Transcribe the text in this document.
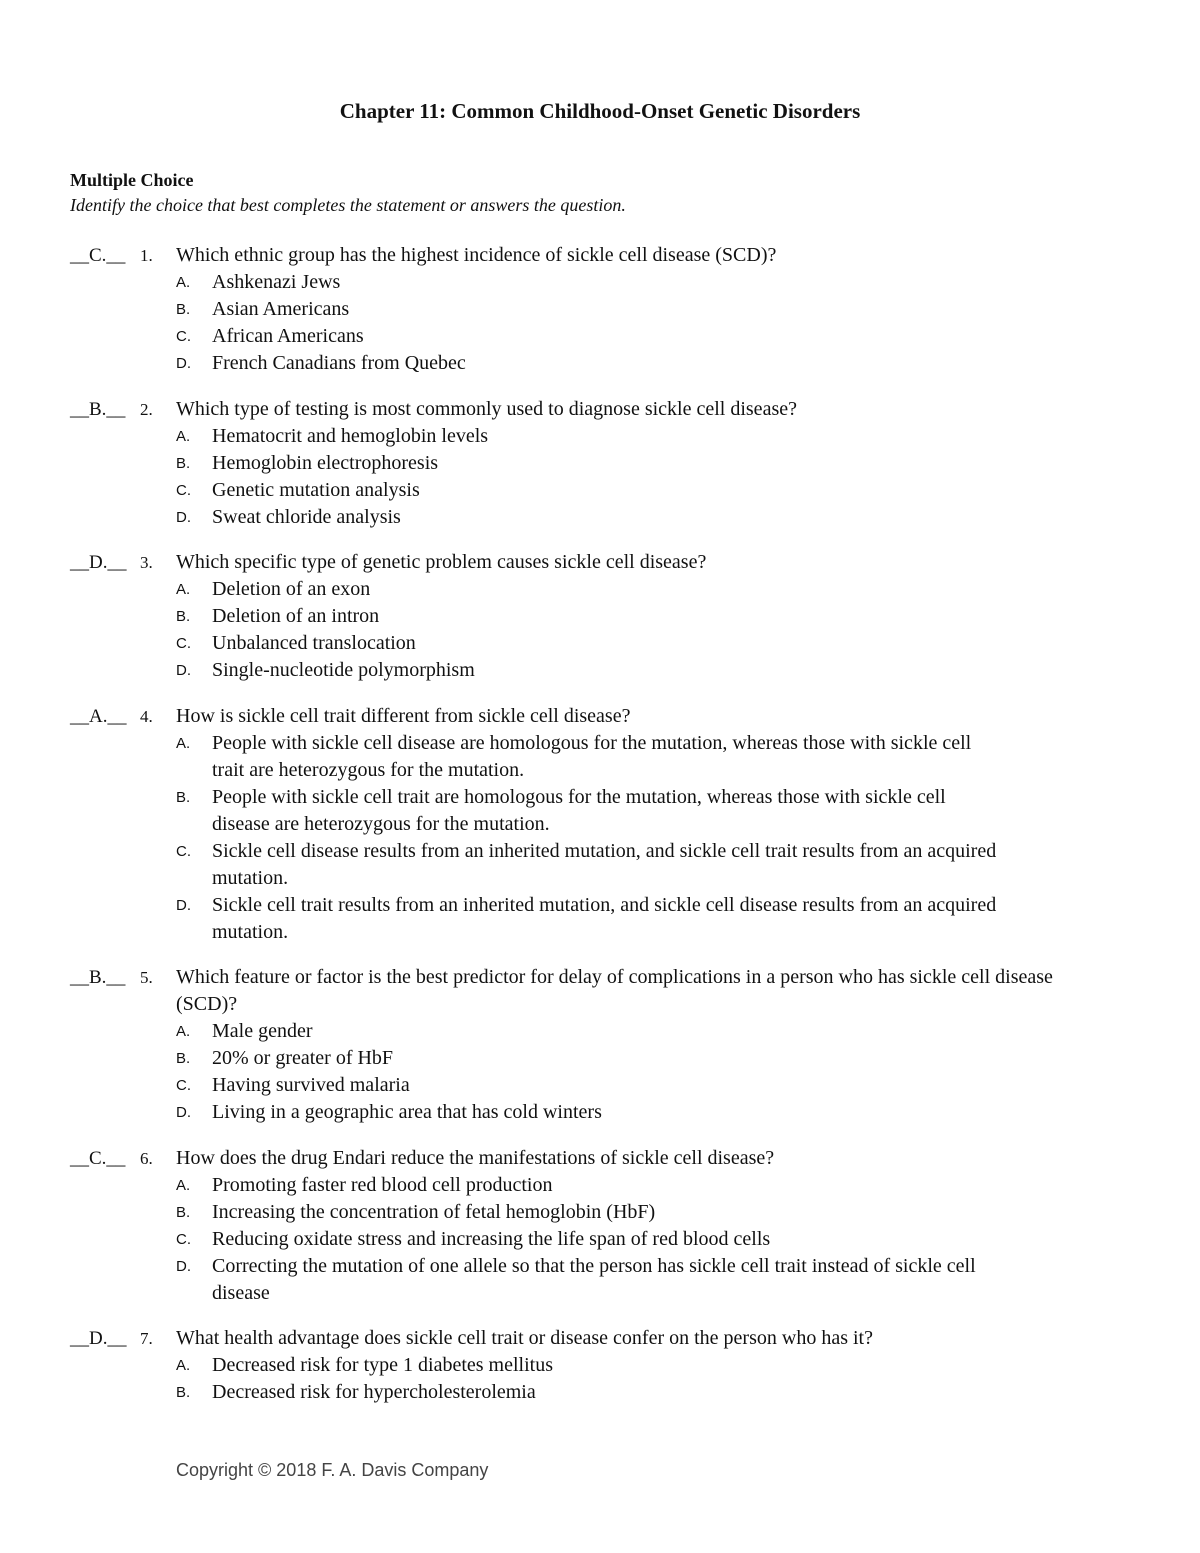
Chapter 11: Common Childhood-Onset Genetic Disorders
Multiple Choice
Identify the choice that best completes the statement or answers the question.
__C.__ 1.	Which ethnic group has the highest incidence of sickle cell disease (SCD)?
A.	Ashkenazi Jews
B.	Asian Americans
C.	African Americans
D.	French Canadians from Quebec
__B.__ 2.	Which type of testing is most commonly used to diagnose sickle cell disease?
A.	Hematocrit and hemoglobin levels
B.	Hemoglobin electrophoresis
C.	Genetic mutation analysis
D.	Sweat chloride analysis
__D.__ 3.	Which specific type of genetic problem causes sickle cell disease?
A.	Deletion of an exon
B.	Deletion of an intron
C.	Unbalanced translocation
D.	Single-nucleotide polymorphism
__A.__ 4.	How is sickle cell trait different from sickle cell disease?
A.	People with sickle cell disease are homologous for the mutation, whereas those with sickle cell trait are heterozygous for the mutation.
B.	People with sickle cell trait are homologous for the mutation, whereas those with sickle cell disease are heterozygous for the mutation.
C.	Sickle cell disease results from an inherited mutation, and sickle cell trait results from an acquired mutation.
D.	Sickle cell trait results from an inherited mutation, and sickle cell disease results from an acquired mutation.
__B.__ 5.	Which feature or factor is the best predictor for delay of complications in a person who has sickle cell disease (SCD)?
A.	Male gender
B.	20% or greater of HbF
C.	Having survived malaria
D.	Living in a geographic area that has cold winters
__C.__ 6.	How does the drug Endari reduce the manifestations of sickle cell disease?
A.	Promoting faster red blood cell production
B.	Increasing the concentration of fetal hemoglobin (HbF)
C.	Reducing oxidate stress and increasing the life span of red blood cells
D.	Correcting the mutation of one allele so that the person has sickle cell trait instead of sickle cell disease
__D.__ 7.	What health advantage does sickle cell trait or disease confer on the person who has it?
A.	Decreased risk for type 1 diabetes mellitus
B.	Decreased risk for hypercholesterolemia
Copyright © 2018 F. A. Davis Company
